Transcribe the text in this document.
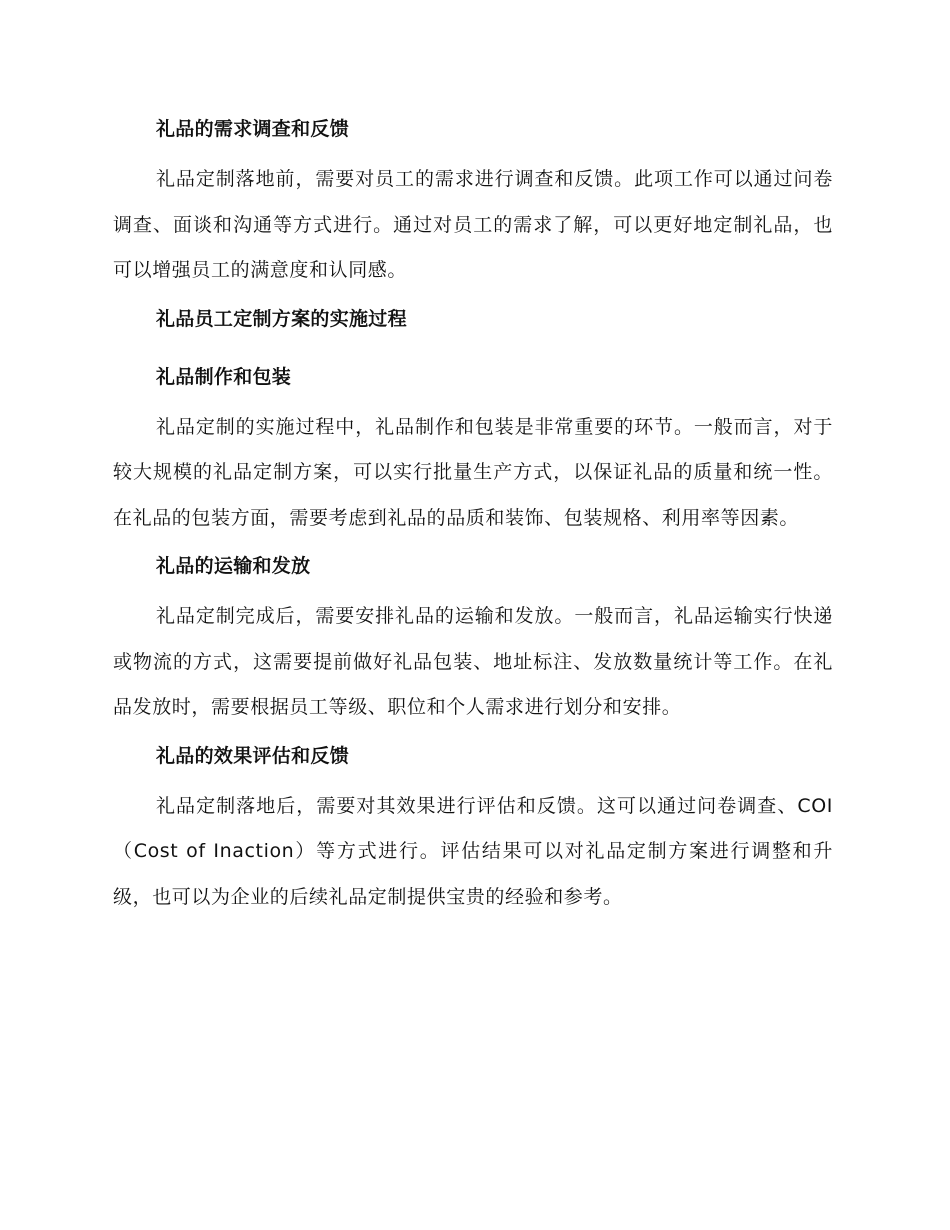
礼品的需求调查和反馈

礼品定制落地前，需要对员工的需求进行调查和反馈。此项工作可以通过问卷调查、面谈和沟通等方式进行。通过对员工的需求了解，可以更好地定制礼品，也可以增强员工的满意度和认同感。

礼品员工定制方案的实施过程
礼品制作和包装

礼品定制的实施过程中，礼品制作和包装是非常重要的环节。一般而言，对于较大规模的礼品定制方案，可以实行批量生产方式，以保证礼品的质量和统一性。在礼品的包装方面，需要考虑到礼品的品质和装饰、包装规格、利用率等因素。

礼品的运输和发放

礼品定制完成后，需要安排礼品的运输和发放。一般而言，礼品运输实行快递或物流的方式，这需要提前做好礼品包装、地址标注、发放数量统计等工作。在礼品发放时，需要根据员工等级、职位和个人需求进行划分和安排。

礼品的效果评估和反馈

礼品定制落地后，需要对其效果进行评估和反馈。这可以通过问卷调查、COI（Cost of Inaction）等方式进行。评估结果可以对礼品定制方案进行调整和升级，也可以为企业的后续礼品定制提供宝贵的经验和参考。
